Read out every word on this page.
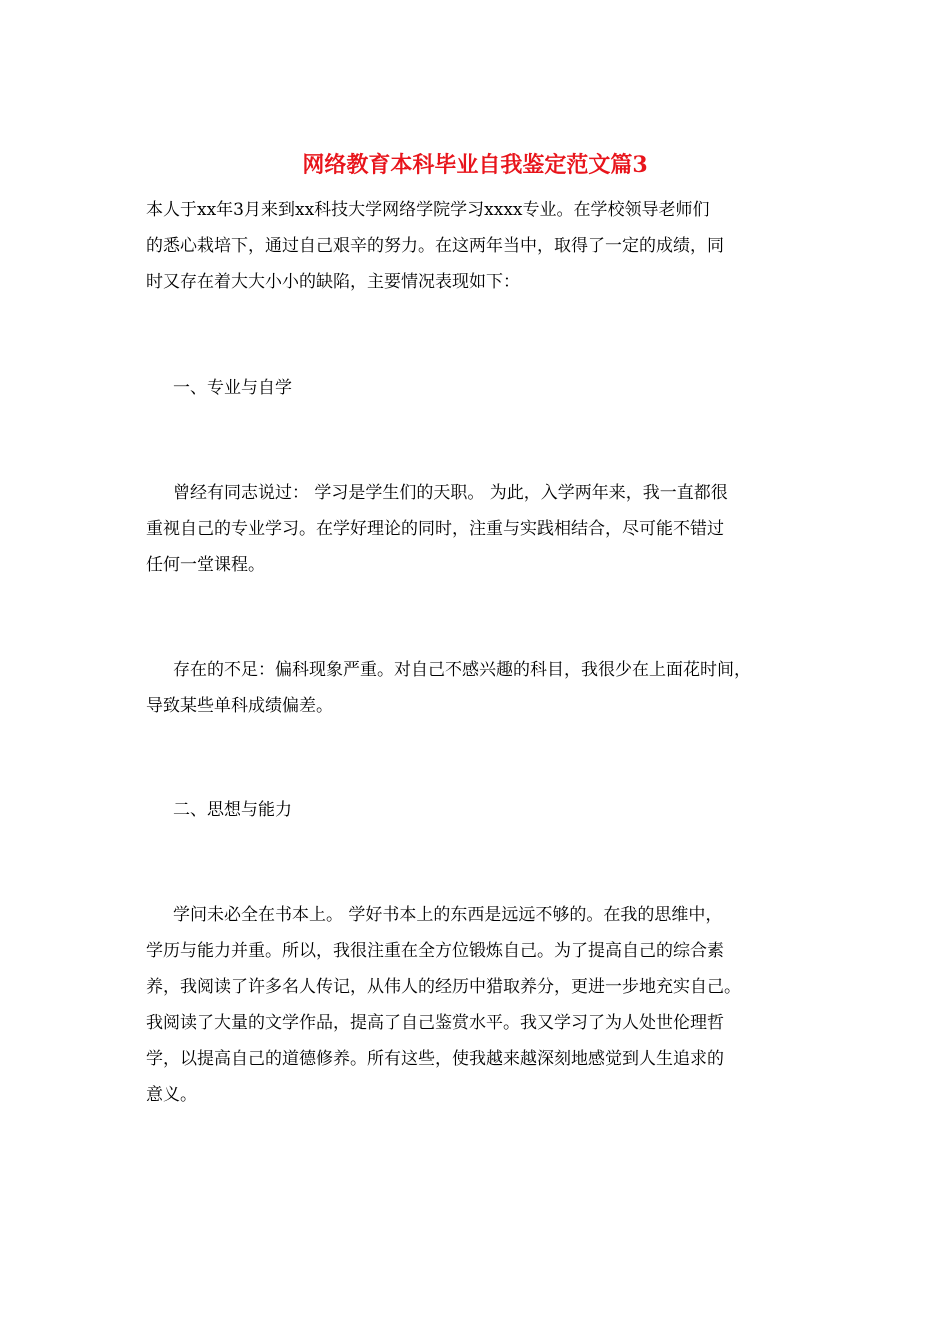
网络教育本科毕业自我鉴定范文篇3
本人于xx年3月来到xx科技大学网络学院学习xxxx专业。在学校领导老师们
的悉心栽培下，通过自己艰辛的努力。在这两年当中，取得了一定的成绩，同
时又存在着大大小小的缺陷，主要情况表现如下：
一、专业与自学
曾经有同志说过： 学习是学生们的天职。 为此，入学两年来，我一直都很
重视自己的专业学习。在学好理论的同时，注重与实践相结合，尽可能不错过
任何一堂课程。
存在的不足：偏科现象严重。对自己不感兴趣的科目，我很少在上面花时间，
导致某些单科成绩偏差。
二、思想与能力
学问未必全在书本上。 学好书本上的东西是远远不够的。在我的思维中，
学历与能力并重。所以，我很注重在全方位锻炼自己。为了提高自己的综合素
养，我阅读了许多名人传记，从伟人的经历中猎取养分，更进一步地充实自己。
我阅读了大量的文学作品，提高了自己鉴赏水平。我又学习了为人处世伦理哲
学，以提高自己的道德修养。所有这些，使我越来越深刻地感觉到人生追求的
意义。
